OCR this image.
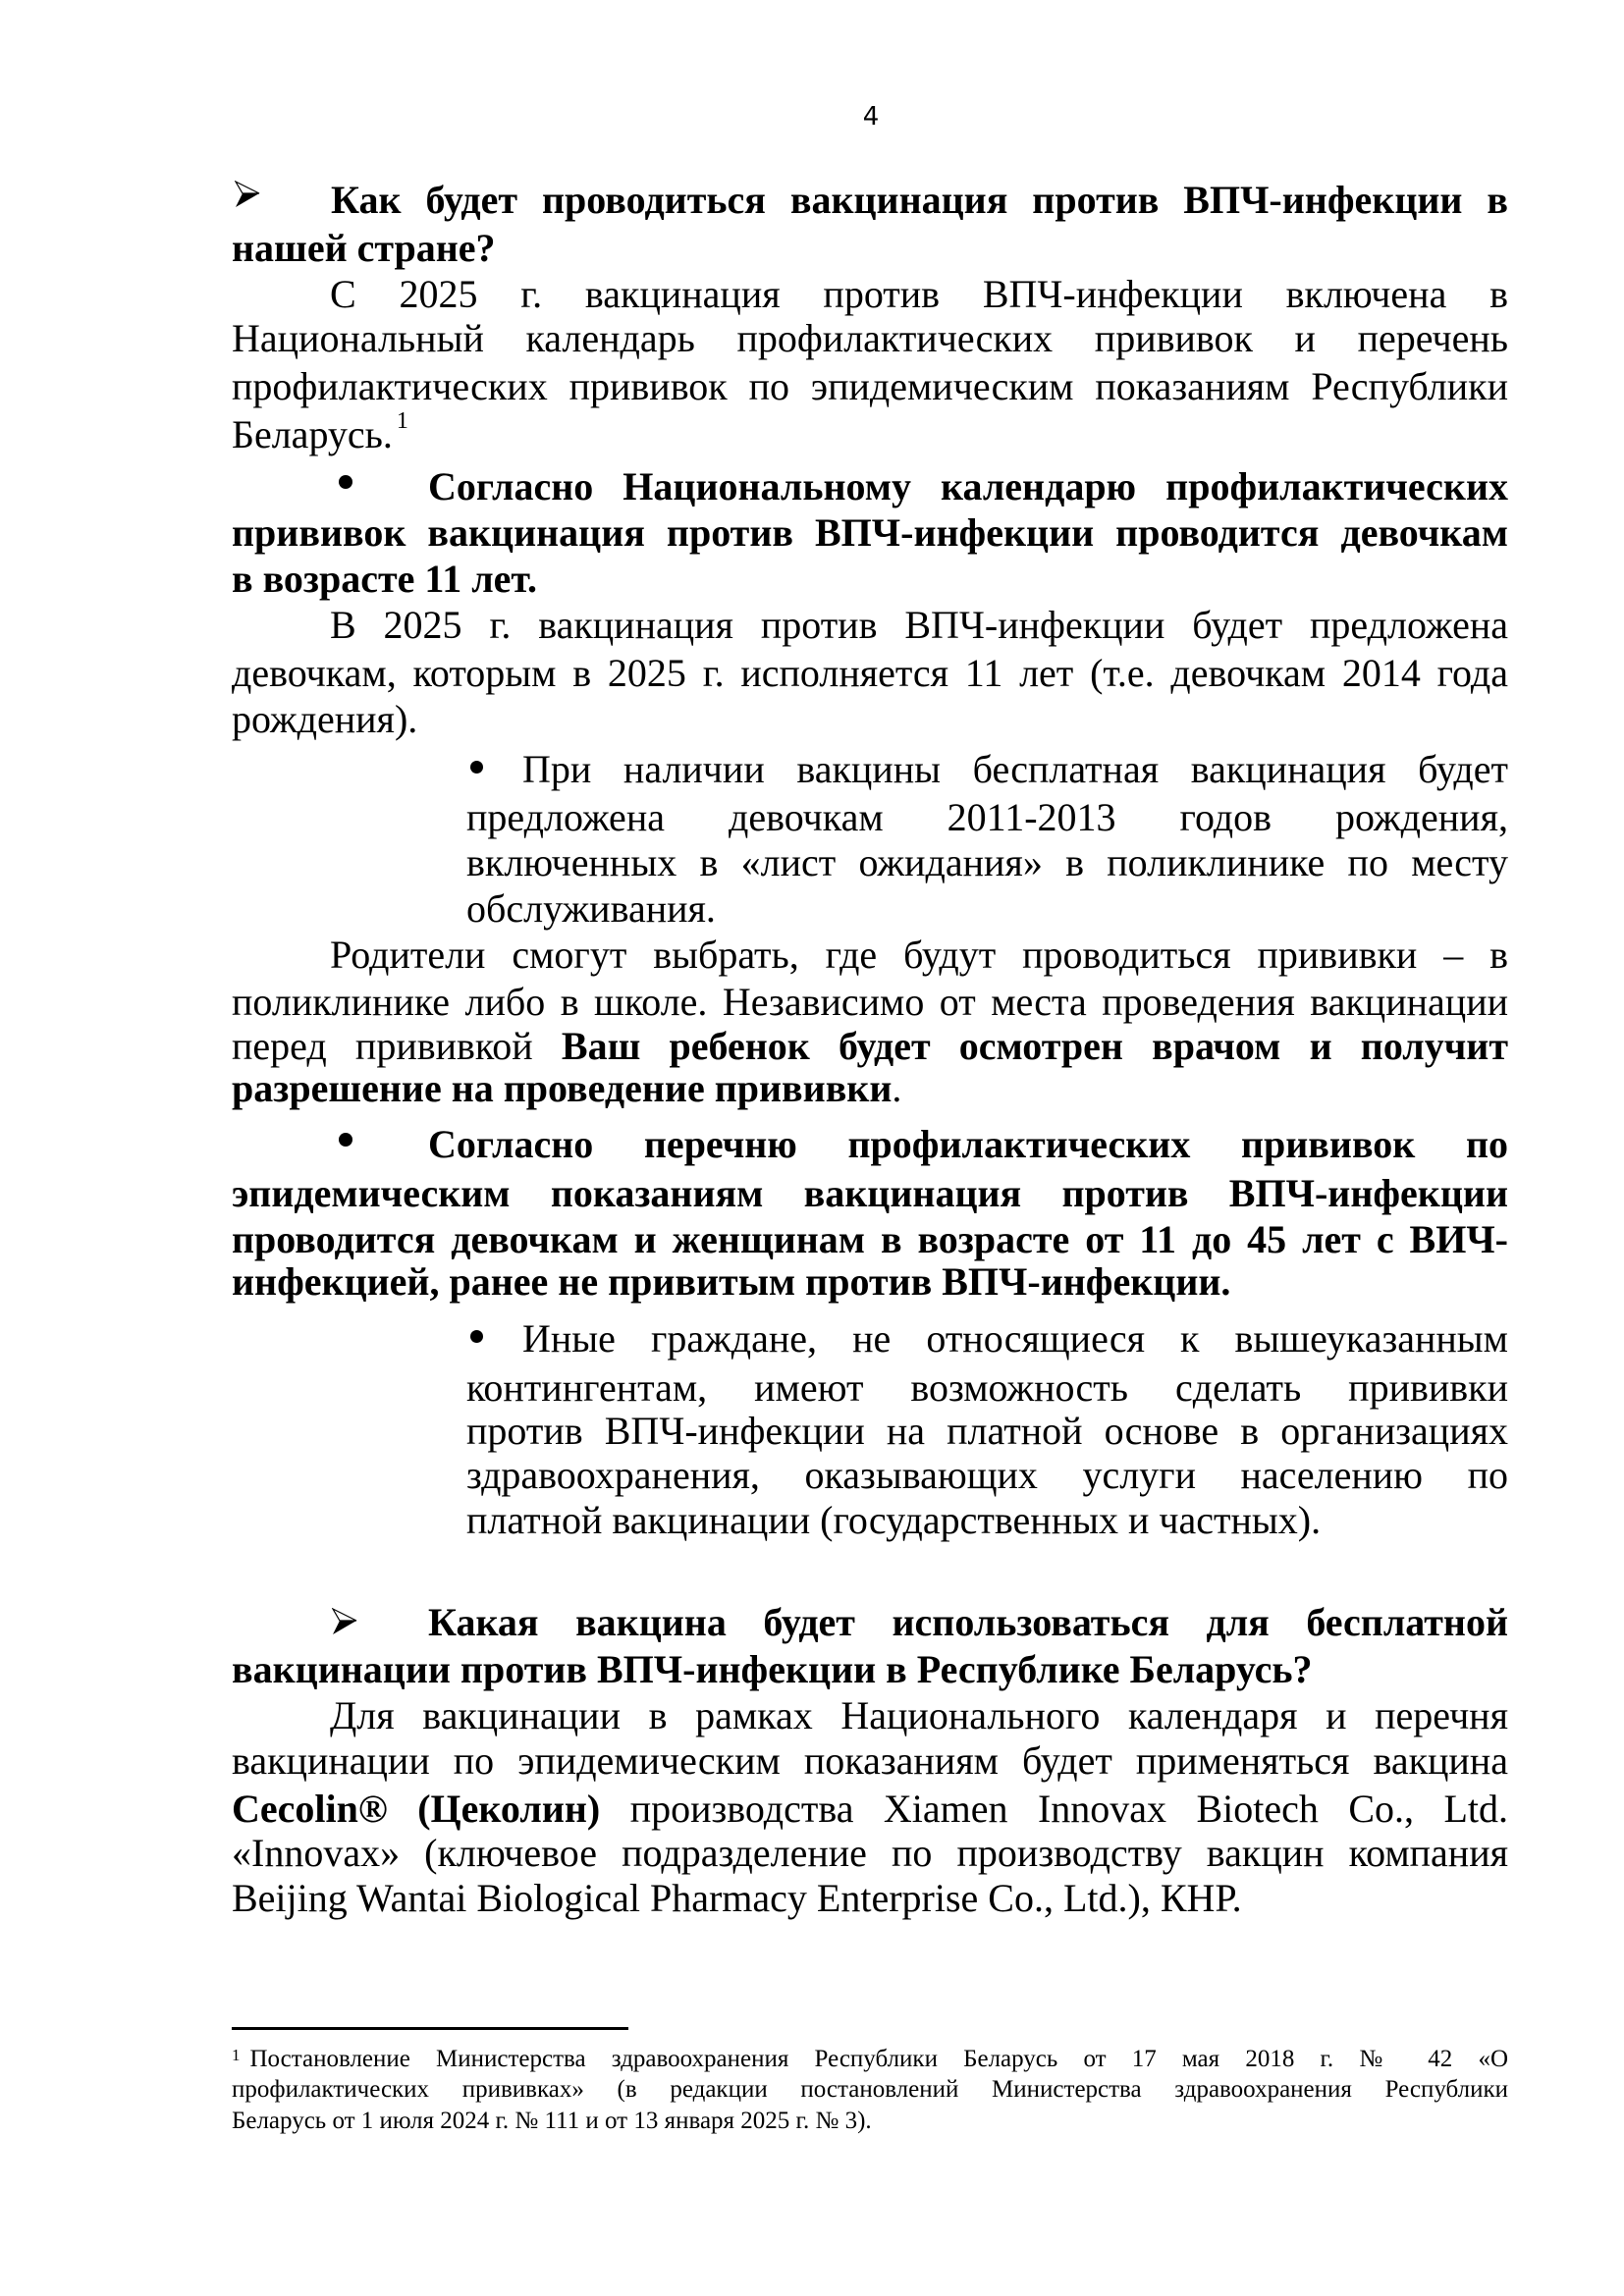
4
Как будет проводиться вакцинация против ВПЧ-инфекции в
нашей стране?
С 2025 г. вакцинация против ВПЧ-инфекции включена в
Национальный календарь профилактических прививок и перечень
профилактических прививок по эпидемическим показаниям Республики
Беларусь. $^1$
Согласно Национальному календарю профилактических
прививок вакцинация против ВПЧ-инфекции проводится девочкам
в возрасте 11 лет.
В 2025 г. вакцинация против ВПЧ-инфекции будет предложена
девочкам, которым в 2025 г. исполняется 11 лет (т.е. девочкам 2014 года
рождения).
При наличии вакцины бесплатная вакцинация будет
предложена девочкам 2011-2013 годов рождения,
включенных в «лист ожидания» в поликлинике по месту
обслуживания.
Родители смогут выбрать, где будут проводиться прививки – в
поликлинике либо в школе. Независимо от места проведения вакцинации
перед прививкой Ваш ребенок будет осмотрен врачом и получит
разрешение на проведение прививки.
Согласно перечню профилактических прививок по
эпидемическим показаниям вакцинация против ВПЧ-инфекции
проводится девочкам и женщинам в возрасте от 11 до 45 лет с ВИЧ-
инфекцией, ранее не привитым против ВПЧ-инфекции.
Иные граждане, не относящиеся к вышеуказанным
контингентам, имеют возможность сделать прививки
против ВПЧ-инфекции на платной основе в организациях
здравоохранения, оказывающих услуги населению по
платной вакцинации (государственных и частных).
Какая вакцина будет использоваться для бесплатной
вакцинации против ВПЧ-инфекции в Республике Беларусь?
Для вакцинации в рамках Национального календаря и перечня
вакцинации по эпидемическим показаниям будет применяться вакцина
Cecolin® (Цеколин) производства Xiamen Innovax Biotech Co., Ltd.
«Innovax» (ключевое подразделение по производству вакцин компания
Beijing Wantai Biological Pharmacy Enterprise Co., Ltd.), КНР.
$^1$ Постановление Министерства здравоохранения Республики Беларусь от 17 мая 2018 г. № 42 «О
профилактических прививках» (в редакции постановлений Министерства здравоохранения Республики
Беларусь от 1 июля 2024 г. № 111 и от 13 января 2025 г. № 3).
